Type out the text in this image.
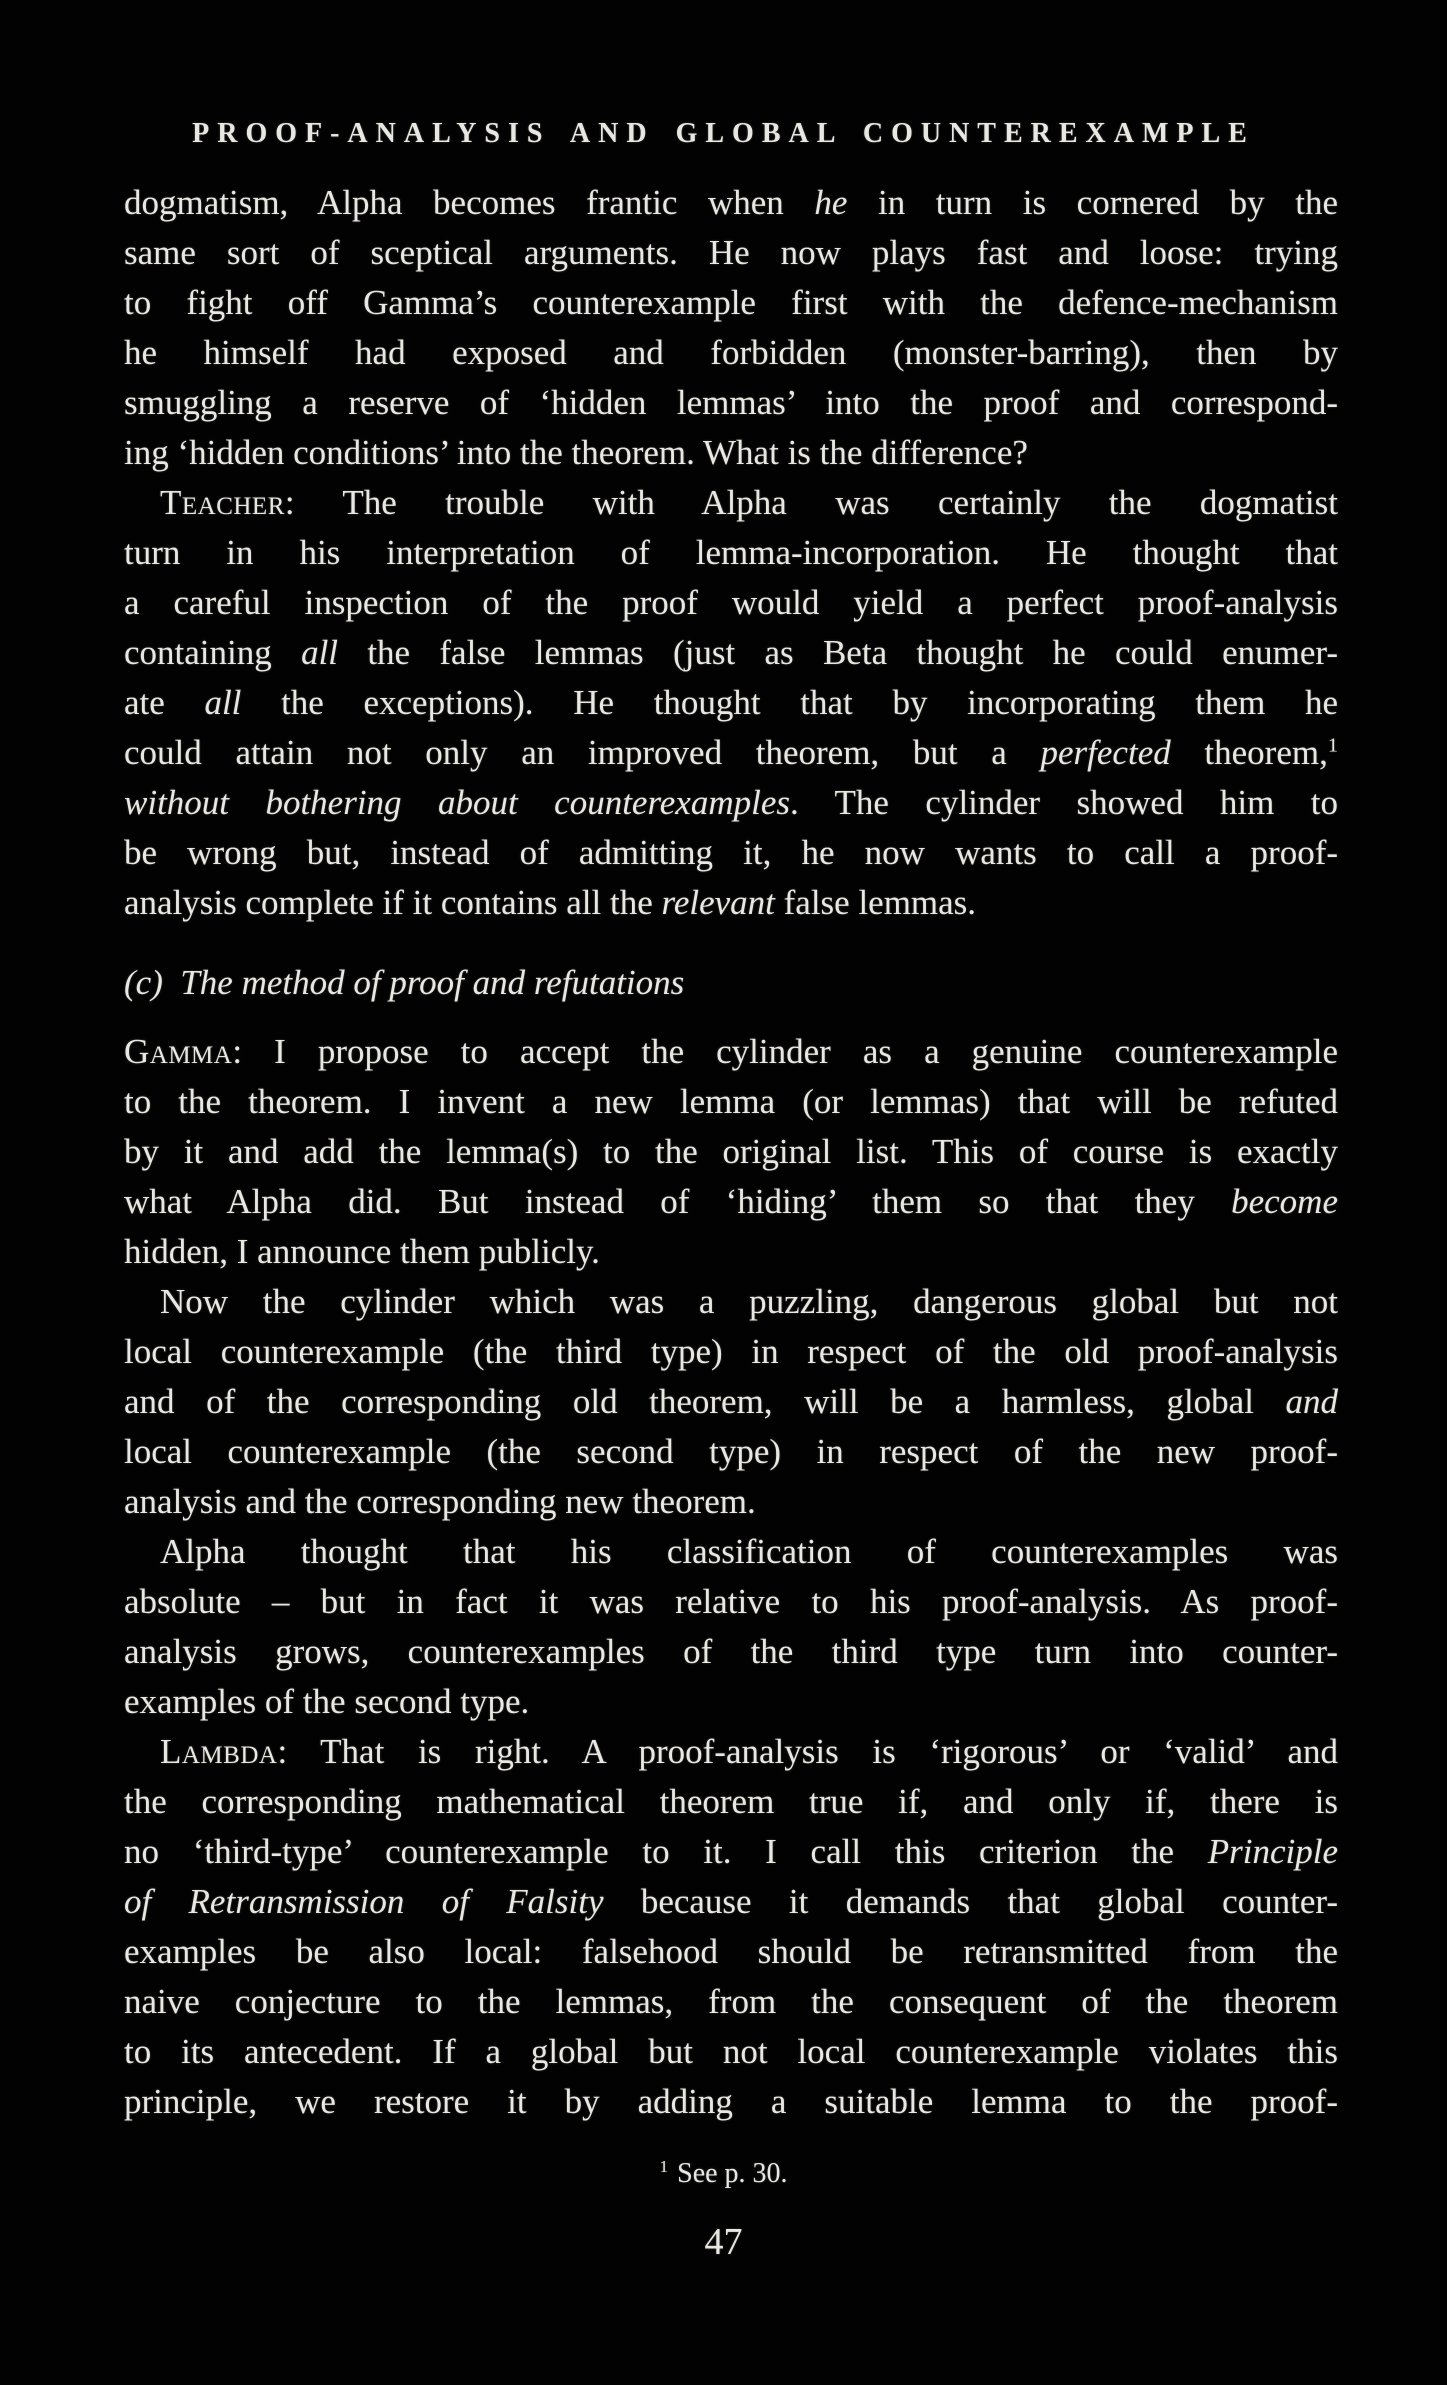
PROOF-ANALYSIS AND GLOBAL COUNTEREXAMPLE
dogmatism, Alpha becomes frantic when he in turn is cornered by the
same sort of sceptical arguments. He now plays fast and loose: trying
to fight off Gamma’s counterexample first with the defence-mechanism
he himself had exposed and forbidden (monster-barring), then by
smuggling a reserve of ‘hidden lemmas’ into the proof and correspond-
ing ‘hidden conditions’ into the theorem. What is the difference?
Teacher: The trouble with Alpha was certainly the dogmatist
turn in his interpretation of lemma-incorporation. He thought that
a careful inspection of the proof would yield a perfect proof-analysis
containing all the false lemmas (just as Beta thought he could enumer-
ate all the exceptions). He thought that by incorporating them he
could attain not only an improved theorem, but a perfected theorem,$^1$
without bothering about counterexamples. The cylinder showed him to
be wrong but, instead of admitting it, he now wants to call a proof-
analysis complete if it contains all the relevant false lemmas.
(c) The method of proof and refutations
Gamma: I propose to accept the cylinder as a genuine counterexample
to the theorem. I invent a new lemma (or lemmas) that will be refuted
by it and add the lemma(s) to the original list. This of course is exactly
what Alpha did. But instead of ‘hiding’ them so that they become
hidden, I announce them publicly.
Now the cylinder which was a puzzling, dangerous global but not
local counterexample (the third type) in respect of the old proof-analysis
and of the corresponding old theorem, will be a harmless, global and
local counterexample (the second type) in respect of the new proof-
analysis and the corresponding new theorem.
Alpha thought that his classification of counterexamples was
absolute – but in fact it was relative to his proof-analysis. As proof-
analysis grows, counterexamples of the third type turn into counter-
examples of the second type.
Lambda: That is right. A proof-analysis is ‘rigorous’ or ‘valid’ and
the corresponding mathematical theorem true if, and only if, there is
no ‘third-type’ counterexample to it. I call this criterion the Principle
of Retransmission of Falsity because it demands that global counter-
examples be also local: falsehood should be retransmitted from the
naive conjecture to the lemmas, from the consequent of the theorem
to its antecedent. If a global but not local counterexample violates this
principle, we restore it by adding a suitable lemma to the proof-
$^1$ See p. 30.
47
